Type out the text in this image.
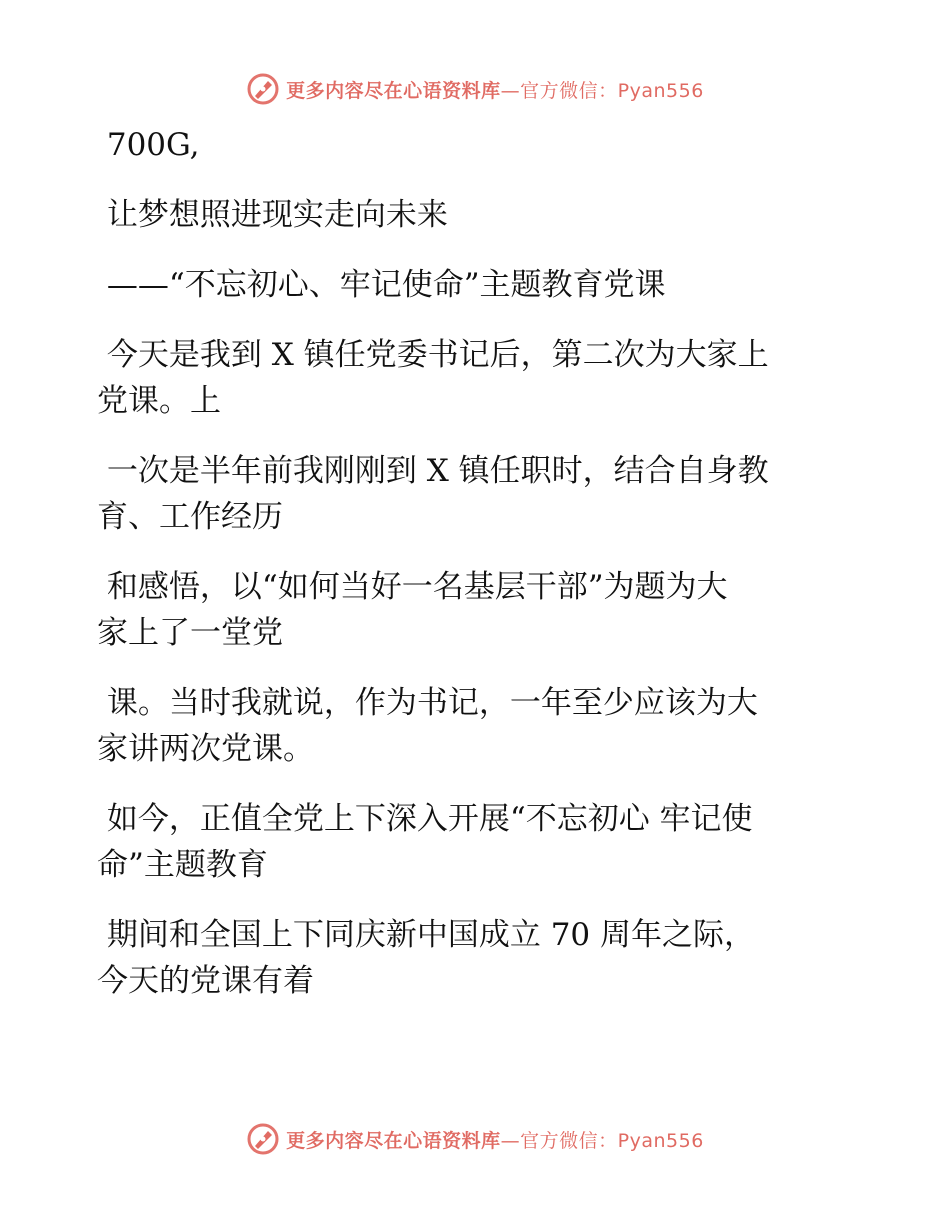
更多内容尽在心语资料库—官方微信：Pyan556

700G,

让梦想照进现实走向未来

——“不忘初心、牢记使命”主题教育党课

今天是我到 X 镇任党委书记后，第二次为大家上

党课。上

一次是半年前我刚刚到 X 镇任职时，结合自身教

育、工作经历

和感悟，以“如何当好一名基层干部”为题为大

家上了一堂党

课。当时我就说，作为书记，一年至少应该为大

家讲两次党课。

如今，正值全党上下深入开展“不忘初心 牢记使

命”主题教育

期间和全国上下同庆新中国成立 70 周年之际，

今天的党课有着

更多内容尽在心语资料库—官方微信：Pyan556
